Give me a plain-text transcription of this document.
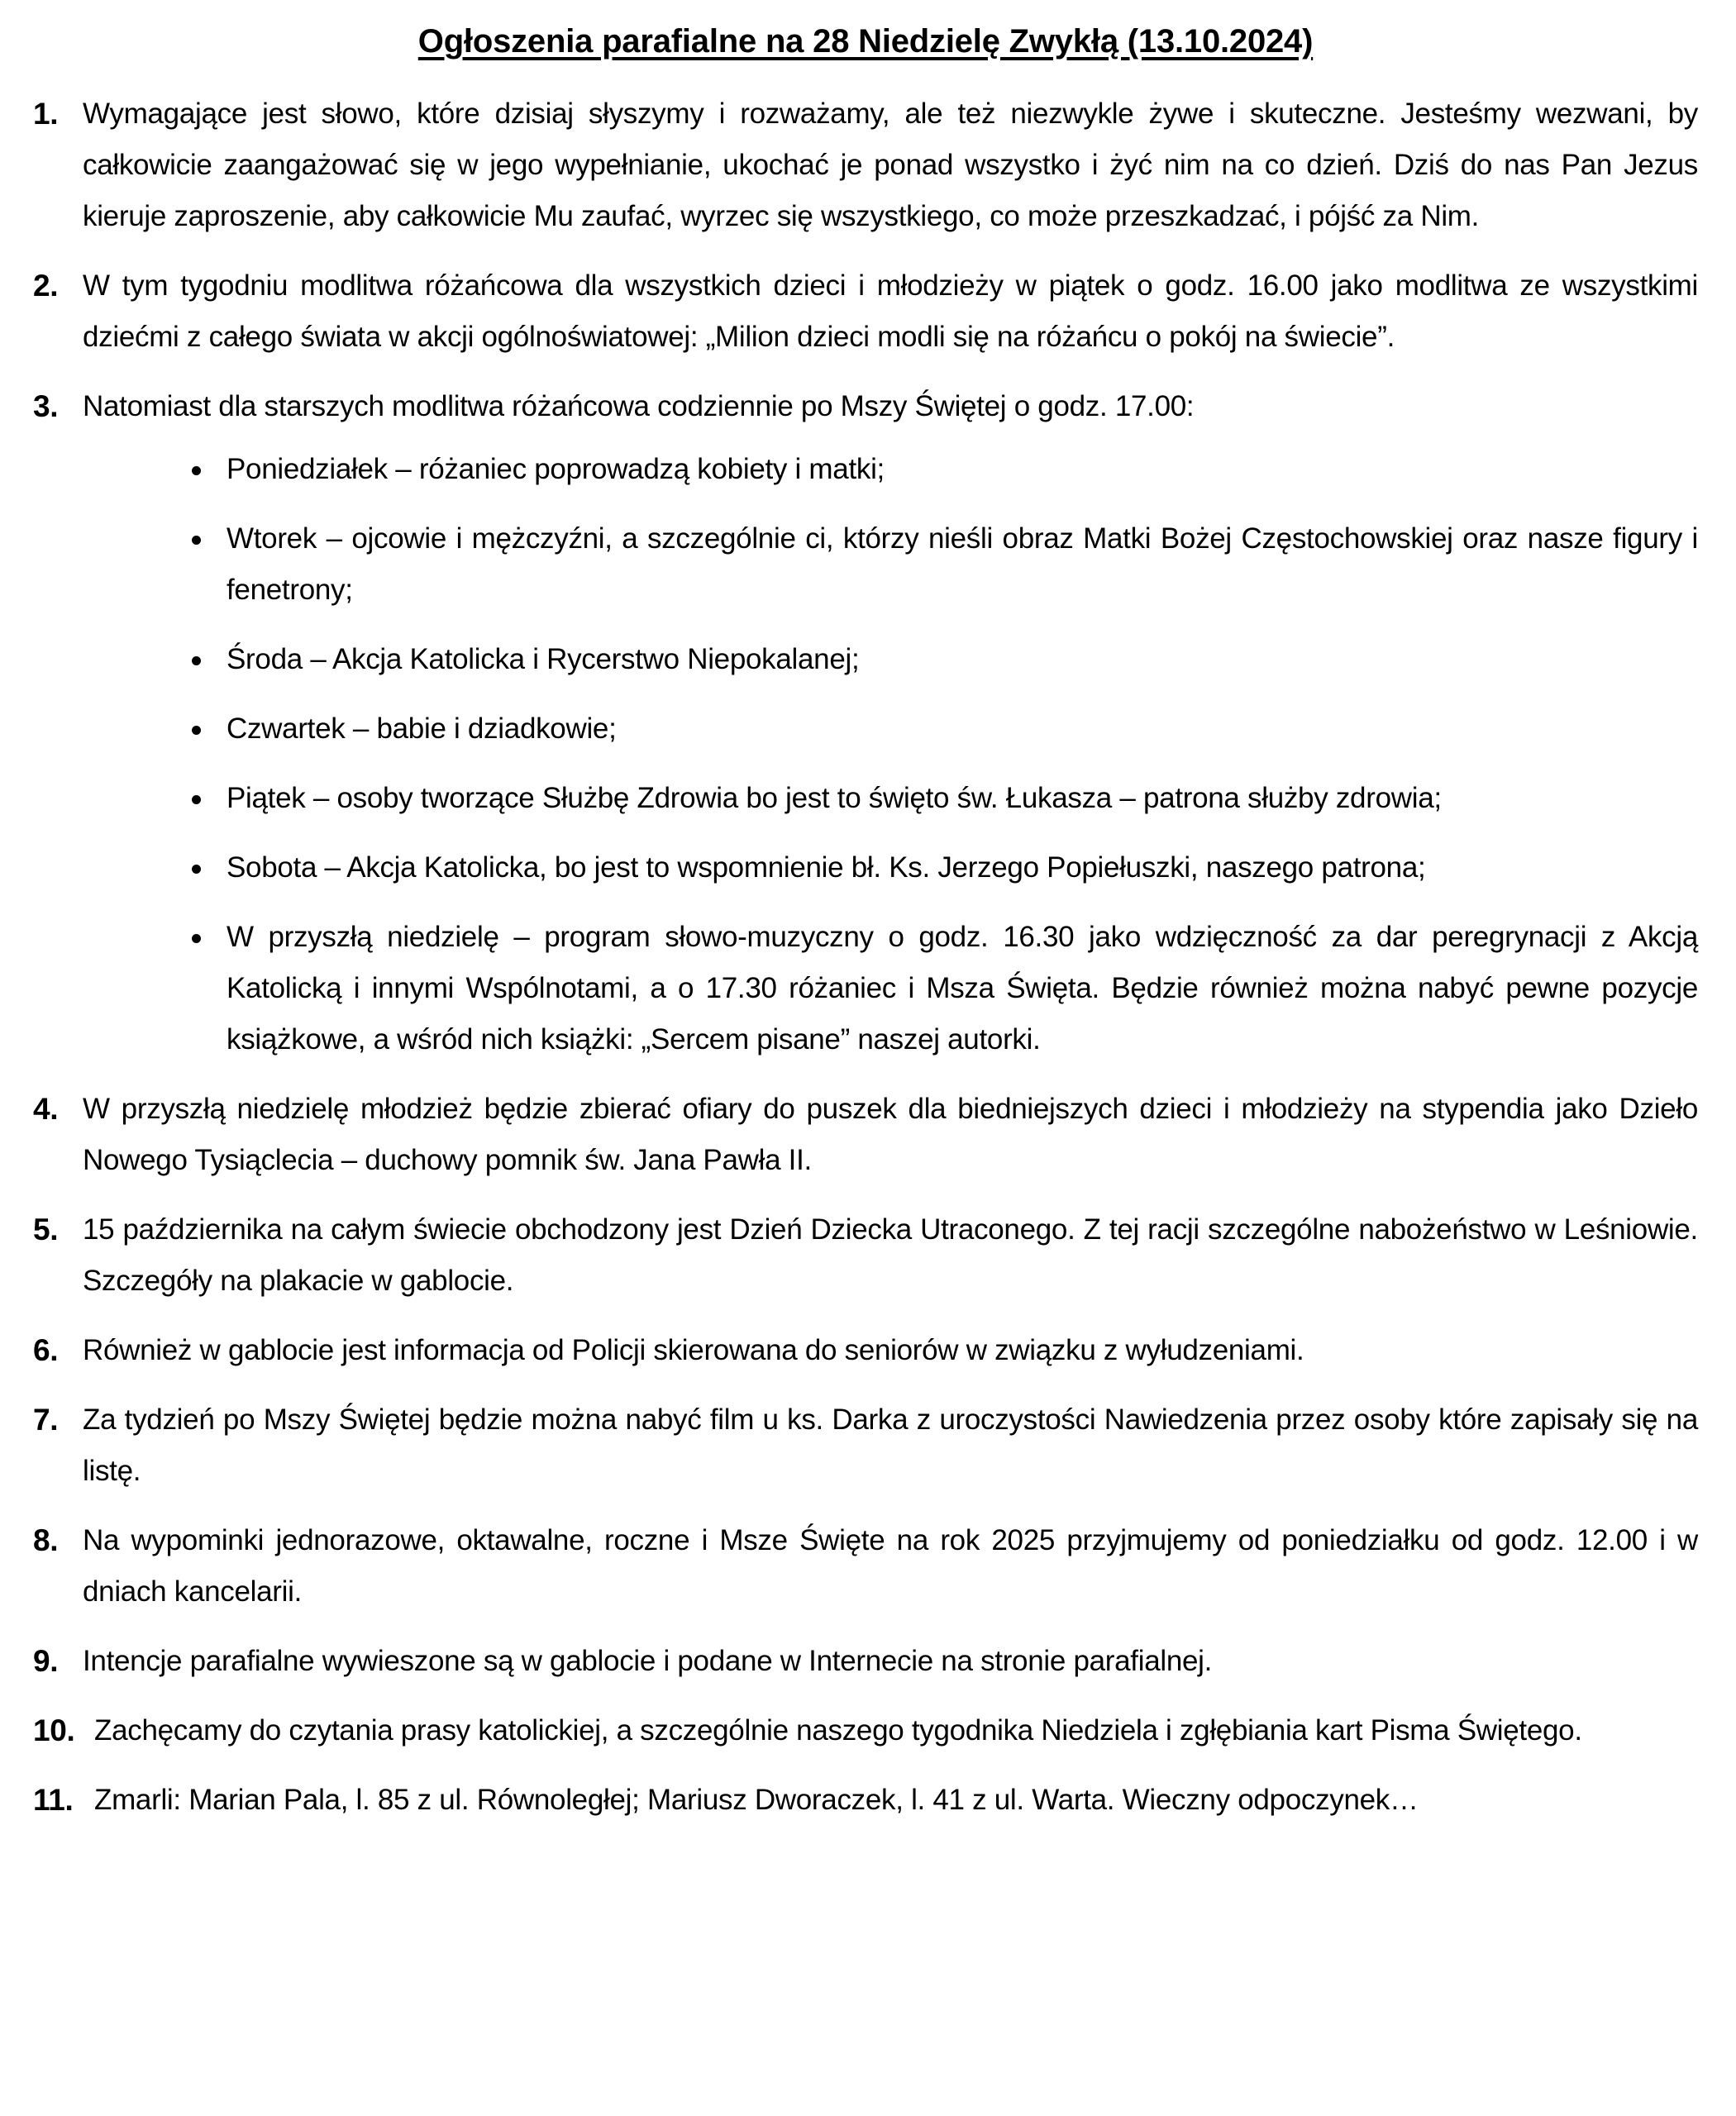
Ogłoszenia parafialne na 28 Niedzielę Zwykłą (13.10.2024)
1. Wymagające jest słowo, które dzisiaj słyszymy i rozważamy, ale też niezwykle żywe i skuteczne. Jesteśmy wezwani, by całkowicie zaangażować się w jego wypełnianie, ukochać je ponad wszystko i żyć nim na co dzień. Dziś do nas Pan Jezus kieruje zaproszenie, aby całkowicie Mu zaufać, wyrzec się wszystkiego, co może przeszkadzać, i pójść za Nim.
2. W tym tygodniu modlitwa różańcowa dla wszystkich dzieci i młodzieży w piątek o godz. 16.00 jako modlitwa ze wszystkimi dziećmi z całego świata w akcji ogólnoświatowej: „Milion dzieci modli się na różańcu o pokój na świecie”.
3. Natomiast dla starszych modlitwa różańcowa codziennie po Mszy Świętej o godz. 17.00:
Poniedziałek – różaniec poprowadzą kobiety i matki;
Wtorek – ojcowie i mężczyźni, a szczególnie ci, którzy nieśli obraz Matki Bożej Częstochowskiej oraz nasze figury i fenetrony;
Środa – Akcja Katolicka i Rycerstwo Niepokalanej;
Czwartek – babie i dziadkowie;
Piątek – osoby tworzące Służbę Zdrowia bo jest to święto św. Łukasza – patrona służby zdrowia;
Sobota – Akcja Katolicka, bo jest to wspomnienie bł. Ks. Jerzego Popiełuszki, naszego patrona;
W przyszłą niedzielę – program słowo-muzyczny o godz. 16.30 jako wdzięczność za dar peregrynacji z Akcją Katolicką i innymi Wspólnotami, a o 17.30 różaniec i Msza Święta. Będzie również można nabyć pewne pozycje książkowe, a wśród nich książki: „Sercem pisane” naszej autorki.
4. W przyszłą niedzielę młodzież będzie zbierać ofiary do puszek dla biedniejszych dzieci i młodzieży na stypendia jako Dzieło Nowego Tysiąclecia – duchowy pomnik św. Jana Pawła II.
5. 15 października na całym świecie obchodzony jest Dzień Dziecka Utraconego. Z tej racji szczególne nabożeństwo w Leśniowie. Szczegóły na plakacie w gablocie.
6. Również w gablocie jest informacja od Policji skierowana do seniorów w związku z wyłudzeniami.
7. Za tydzień po Mszy Świętej będzie można nabyć film u ks. Darka z uroczystości Nawiedzenia przez osoby które zapisały się na listę.
8. Na wypominki jednorazowe, oktawalne, roczne i Msze Święte na rok 2025 przyjmujemy od poniedziałku od godz. 12.00 i w dniach kancelarii.
9. Intencje parafialne wywieszone są w gablocie i podane w Internecie na stronie parafialnej.
10. Zachęcamy do czytania prasy katolickiej, a szczególnie naszego tygodnika Niedziela i zgłębiania kart Pisma Świętego.
11. Zmarli: Marian Pala, l. 85 z ul. Równoległej; Mariusz Dworaczek, l. 41 z ul. Warta. Wieczny odpoczynek…
